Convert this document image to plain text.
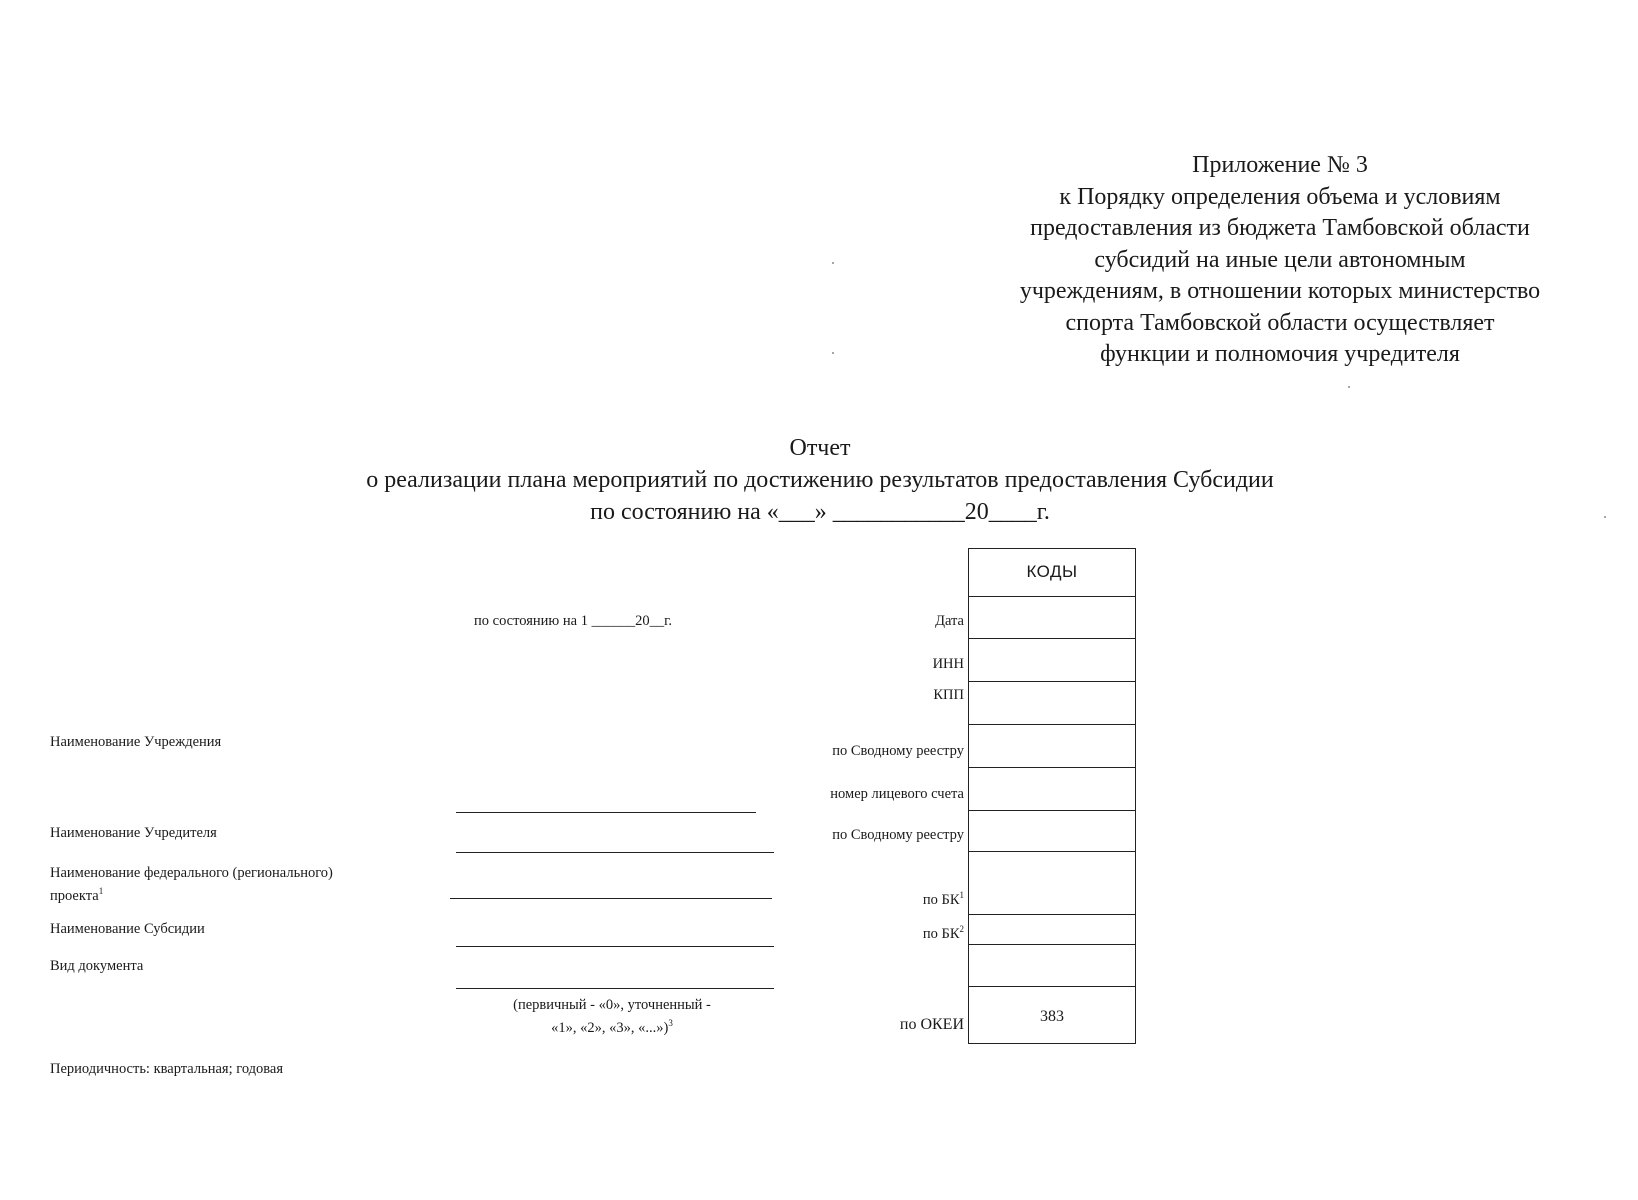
Приложение № 3
к Порядку определения объема и условиям
предоставления из бюджета Тамбовской области
субсидий на иные цели автономным
учреждениям, в отношении которых министерство
спорта Тамбовской области осуществляет
функции и полномочия учредителя
Отчет
о реализации плана мероприятий по достижению результатов предоставления Субсидии
по состоянию на «___» ___________20____г.
по состоянию на 1 ______20__г.
Наименование Учреждения
Наименование Учредителя
Наименование федерального (регионального)
проекта$^1$
Наименование Субсидии
Вид документа
Периодичность: квартальная; годовая
(первичный - «0», уточненный -
«1», «2», «3», «...»)$^3$
Дата
ИНН
КПП
по Сводному реестру
номер лицевого счета
по Сводному реестру
по $БК^1$
по $БК^2$
по ОКЕИ
КОДЫ
383
